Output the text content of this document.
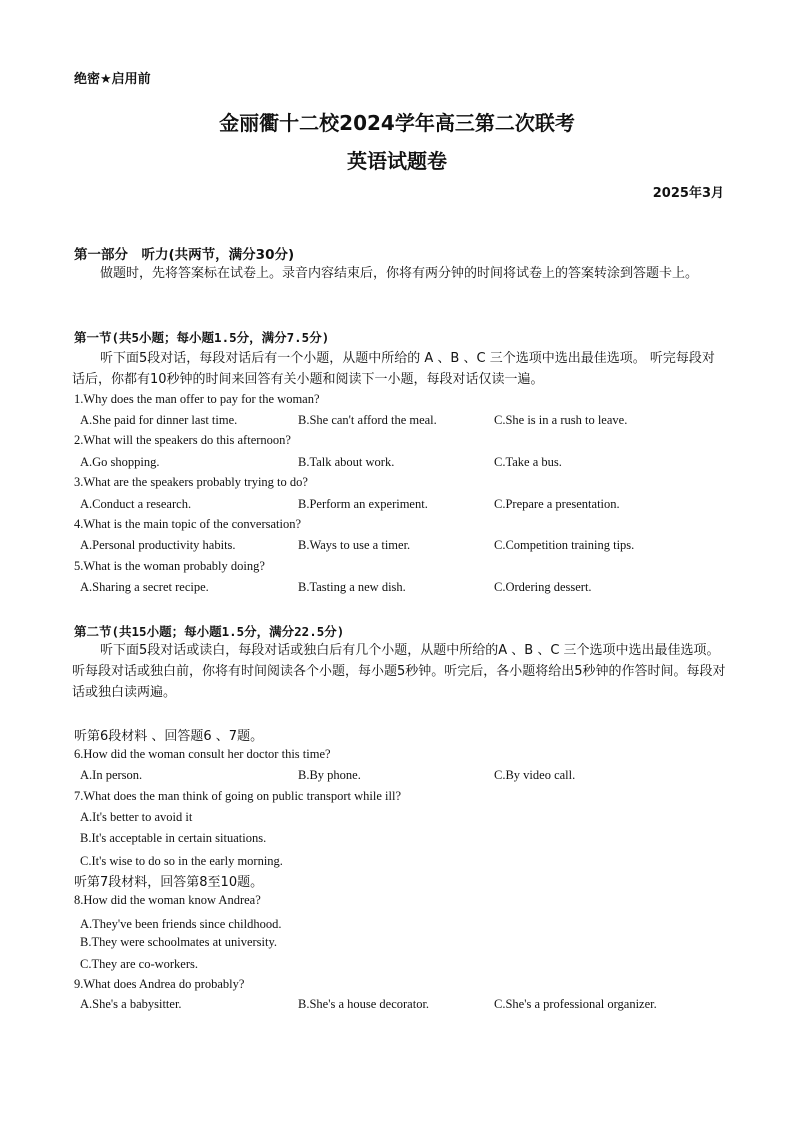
绝密★启用前
金丽衢十二校2024学年高三第二次联考
英语试题卷
2025年3月
第一部分　听力(共两节，满分30分)
做题时，先将答案标在试卷上。录音内容结束后，你将有两分钟的时间将试卷上的答案转涂到答题卡上。
第一节(共5小题；每小题1.5分，满分7.5分)
听下面5段对话，每段对话后有一个小题，从题中所给的 A 、B 、C 三个选项中选出最佳选项。 听完每段对话后，你都有10秒钟的时间来回答有关小题和阅读下一小题，每段对话仅读一遍。
1.Why does the man offer to pay for the woman?
A.She paid for dinner last time.	B.She can't afford the meal.	C.She is in a rush to leave.
2.What will the speakers do this afternoon?
A.Go shopping.	B.Talk about work.	C.Take a bus.
3.What are the speakers probably trying to do?
A.Conduct a research.	B.Perform an experiment.	C.Prepare a presentation.
4.What is the main topic of the conversation?
A.Personal productivity habits.	B.Ways to use a timer.	C.Competition training tips.
5.What is the woman probably doing?
A.Sharing a secret recipe.	B.Tasting a new dish.	C.Ordering dessert.
第二节(共15小题；每小题1.5分，满分22.5分)
听下面5段对话或读白，每段对话或独白后有几个小题，从题中所给的A 、B 、C 三个选项中选出最佳选项。听每段对话或独白前，你将有时间阅读各个小题，每小题5秒钟。听完后，各小题将给出5秒钟的作答时间。每段对话或独白读两遍。
听第6段材料 、回答题6 、7题。
6.How did the woman consult her doctor this time?
A.In person.	B.By phone.	C.By video call.
7.What does the man think of going on public transport while ill?
A.It's better to avoid it
B.It's acceptable in certain situations.
C.It's wise to do so in the early morning.
听第7段材料，回答第8至10题。
8.How did the woman know Andrea?
A.They've been friends since childhood.
B.They were schoolmates at university.
C.They are co-workers.
9.What does Andrea do probably?
A.She's a babysitter.	B.She's a house decorator.	C.She's a professional organizer.
